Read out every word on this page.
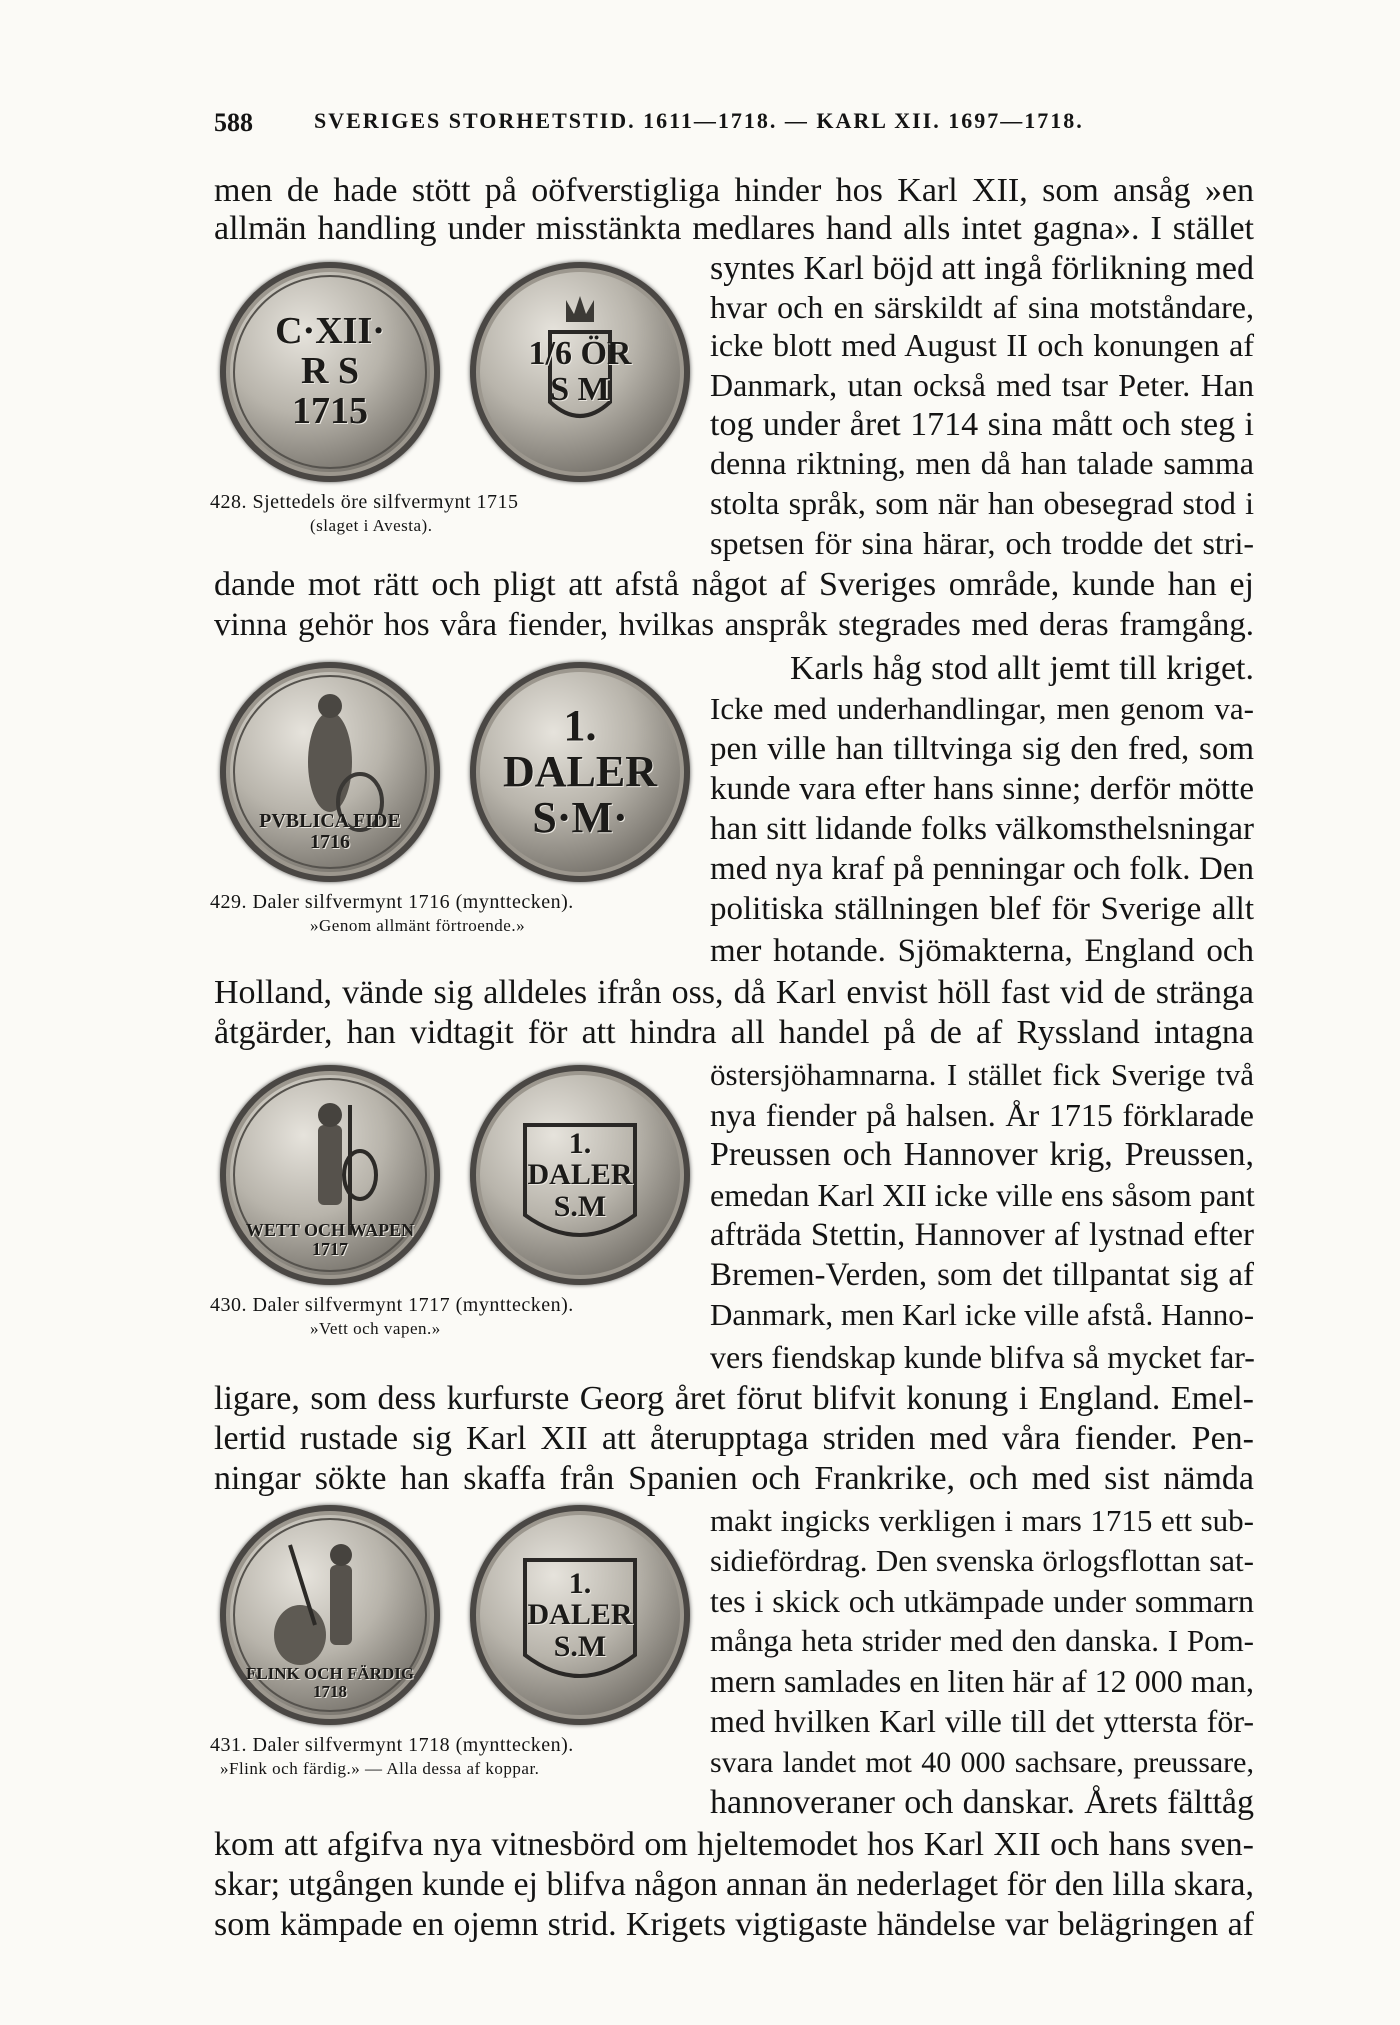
588	SVERIGES STORHETSTID. 1611—1718. — KARL XII. 1697—1718.
C·XII·
R S
1715
1/6 ÖR
S M
428. Sjettedels öre silfvermynt 1715
(slaget i Avesta).
PVBLICA FIDE
1716
1.
DALER
S·M·
429. Daler silfvermynt 1716 (mynttecken).
»Genom allmänt förtroende.»
WETT OCH WAPEN
1717
1.
DALER
S.M
430. Daler silfvermynt 1717 (mynttecken).
»Vett och vapen.»
FLINK OCH FÄRDIG
1718
1.
DALER
S.M
431. Daler silfvermynt 1718 (mynttecken).
»Flink och färdig.» — Alla dessa af koppar.
men de hade stött på oöfverstigliga hinder hos Karl XII, som ansåg »en
allmän handling under misstänkta medlares hand alls intet gagna». I stället
syntes Karl böjd att ingå förlikning med
hvar och en särskildt af sina motståndare,
icke blott med August II och konungen af
Danmark, utan också med tsar Peter. Han
tog under året 1714 sina mått och steg i
denna riktning, men då han talade samma
stolta språk, som när han obesegrad stod i
spetsen för sina härar, och trodde det stri-
dande mot rätt och pligt att afstå något af Sveriges område, kunde han ej
vinna gehör hos våra fiender, hvilkas anspråk stegrades med deras framgång.
Karls håg stod allt jemt till kriget.
Icke med underhandlingar, men genom va-
pen ville han tilltvinga sig den fred, som
kunde vara efter hans sinne; derför mötte
han sitt lidande folks välkomsthelsningar
med nya kraf på penningar och folk. Den
politiska ställningen blef för Sverige allt
mer hotande. Sjömakterna, England och
Holland, vände sig alldeles ifrån oss, då Karl envist höll fast vid de stränga
åtgärder, han vidtagit för att hindra all handel på de af Ryssland intagna
östersjöhamnarna. I stället fick Sverige två
nya fiender på halsen. År 1715 förklarade
Preussen och Hannover krig, Preussen,
emedan Karl XII icke ville ens såsom pant
afträda Stettin, Hannover af lystnad efter
Bremen-Verden, som det tillpantat sig af
Danmark, men Karl icke ville afstå. Hanno-
vers fiendskap kunde blifva så mycket far-
ligare, som dess kurfurste Georg året förut blifvit konung i England. Emel-
lertid rustade sig Karl XII att återupptaga striden med våra fiender. Pen-
ningar sökte han skaffa från Spanien och Frankrike, och med sist nämda
makt ingicks verkligen i mars 1715 ett sub-
sidiefördrag. Den svenska örlogsflottan sat-
tes i skick och utkämpade under sommarn
många heta strider med den danska. I Pom-
mern samlades en liten här af 12 000 man,
med hvilken Karl ville till det yttersta för-
svara landet mot 40 000 sachsare, preussare,
hannoveraner och danskar. Årets fälttåg
kom att afgifva nya vitnesbörd om hjeltemodet hos Karl XII och hans sven-
skar; utgången kunde ej blifva någon annan än nederlaget för den lilla skara,
som kämpade en ojemn strid. Krigets vigtigaste händelse var belägringen af
